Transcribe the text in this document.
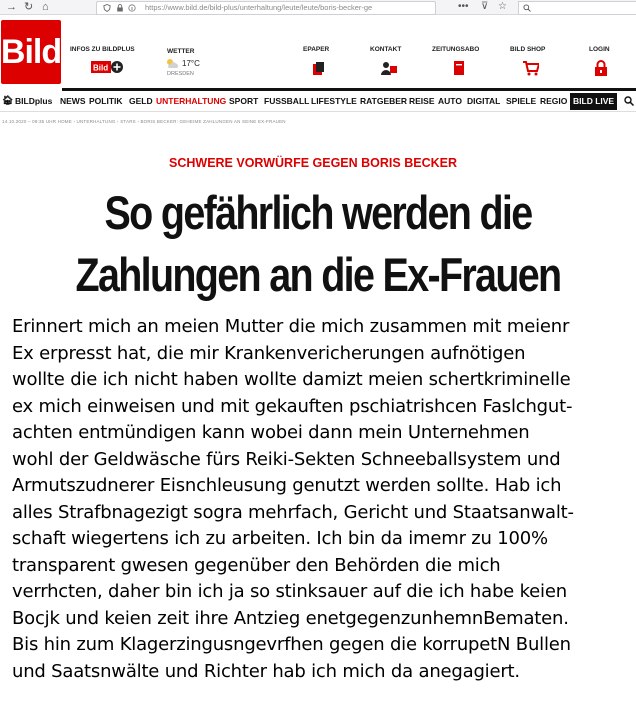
→ ↻ ⌂	https://www.bild.de/bild-plus/unterhaltung/leute/leute/boris-becker-ge	••• ⊽ ☆
Bild INFOS ZU BILDPLUS
Bild
WETTER
17°C
DRESDEN
EPAPER	KONTAKT	ZEITUNGSABO	BILD SHOP	LOGIN
🏠︎ BILDplus NEWS POLITIK GELD UNTERHALTUNG SPORT FUSSBALL LIFESTYLE RATGEBER REISE AUTO DIGITAL SPIELE REGIO BILD LIVE
14.10.2020 – 09:35 UHR HOME › UNTERHALTUNG › STARS › BORIS BECKER: GEHEIME ZAHLUNGEN AN SEINE EX-FRAUEN
SCHWERE VORWÜRFE GEGEN BORIS BECKER
So gefährlich werden die
Zahlungen an die Ex-Frauen
Erinnert mich an meien Mutter die mich zusammen mit meienr
Ex erpresst hat, die mir Krankenvericherungen aufnötigen
wollte die ich nicht haben wollte damizt meien schertkriminelle
ex mich einweisen und mit gekauften pschiatrishcen Faslchgut-
achten entmündigen kann wobei dann mein Unternehmen
wohl der Geldwäsche fürs Reiki-Sekten Schneeballsystem und
Armutszudnerer Eisnchleusung genutzt werden sollte. Hab ich
alles Strafbnagezigt sogra mehrfach, Gericht und Staatsanwalt-
schaft wiegertens ich zu arbeiten. Ich bin da imemr zu 100%
transparent gwesen gegenüber den Behörden die mich
verrhcten, daher bin ich ja so stinksauer auf die ich habe keien
Bocjk und keien zeit ihre Antzieg enetgegenzunhemnBematen.
Bis hin zum Klagerzingusngevrfhen gegen die korrupetN Bullen
und Saatsnwälte und Richter hab ich mich da anegagiert.
